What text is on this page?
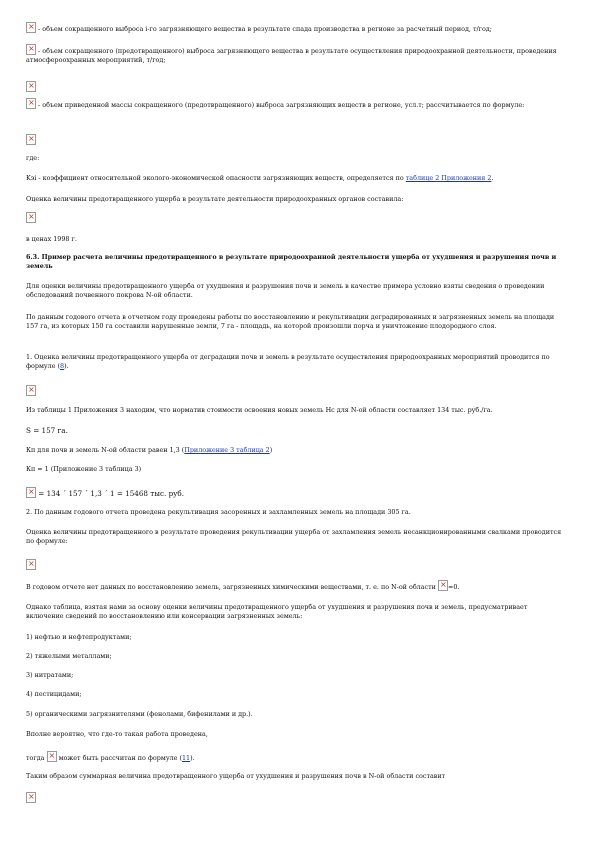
× - объем сокращенного выброса i-го загрязняющего вещества в результате спада производства в регионе за расчетный период, т/год;

× - объем сокращенного (предотвращенного) выброса загрязняющего вещества в результате осуществления природоохранной деятельности, проведения атмосфероохранных мероприятий, т/год;

×

× - объем приведенной массы сокращенного (предотвращенного) выброса загрязняющих веществ в регионе, усл.т; рассчитывается по формуле:

×

где:

Kэi - коэффициент относительной эколого-экономической опасности загрязняющих веществ, определяется по таблице 2 Приложения 2.

Оценка величины предотвращенного ущерба в результате деятельности природоохранных органов составила:

×

в ценах 1998 г.

6.3. Пример расчета величины предотвращенного в результате природоохранной деятельности ущерба от ухудшения и разрушения почв и земель

Для оценки величины предотвращенного ущерба от ухудшения и разрушения почв и земель в качестве примера условно взяты сведения о проведении обследований почвенного покрова N-ой области.

По данным годового отчета в отчетном году проведены работы по восстановлению и рекультивации деградированных и загрязненных земель на площади 157 га, из которых 150 га составили нарушенные земли, 7 га - площадь, на которой произошли порча и уничтожение плодородного слоя.

1. Оценка величины предотвращенного ущерба от деградации почв и земель в результате осуществления природоохранных мероприятий проводится по формуле (8).

×

Из таблицы 1 Приложения 3 находим, что норматив стоимости освоения новых земель Нс для N-ой области составляет 134 тыс. руб./га.

S = 157 га.

Кп для почв и земель N-ой области равен 1,3 (Приложение 3 таблица 2)

Кп = 1 (Приложение 3 таблица 3)

× = 134 ´ 157 ´ 1,3 ´ 1 = 15468 тыс. руб.

2. По данным годового отчета проведена рекультивация засоренных и захламленных земель на площади 305 га.

Оценка величины предотвращенного в результате проведения рекультивации ущерба от захламления земель несанкционированными свалками проводится по формуле:

×

В годовом отчете нет данных по восстановлению земель, загрязненных химическими веществами, т. е. по N-ой области × =0.

Однако таблица, взятая нами за основу оценки величины предотвращенного ущерба от ухудшения и разрушения почв и земель, предусматривает включение сведений по восстановлению или консервации загрязненных земель:

1) нефтью и нефтепродуктами;

2) тяжелыми металлами;

3) нитратами;

4) пестицидами;

5) органическими загрязнителями (фенолами, бифенилами и др.).

Вполне вероятно, что где-то такая работа проведена,

тогда × может быть рассчитан по формуле (11).

Таким образом суммарная величина предотвращенного ущерба от ухудшения и разрушения почв в N-ой области составит

×
